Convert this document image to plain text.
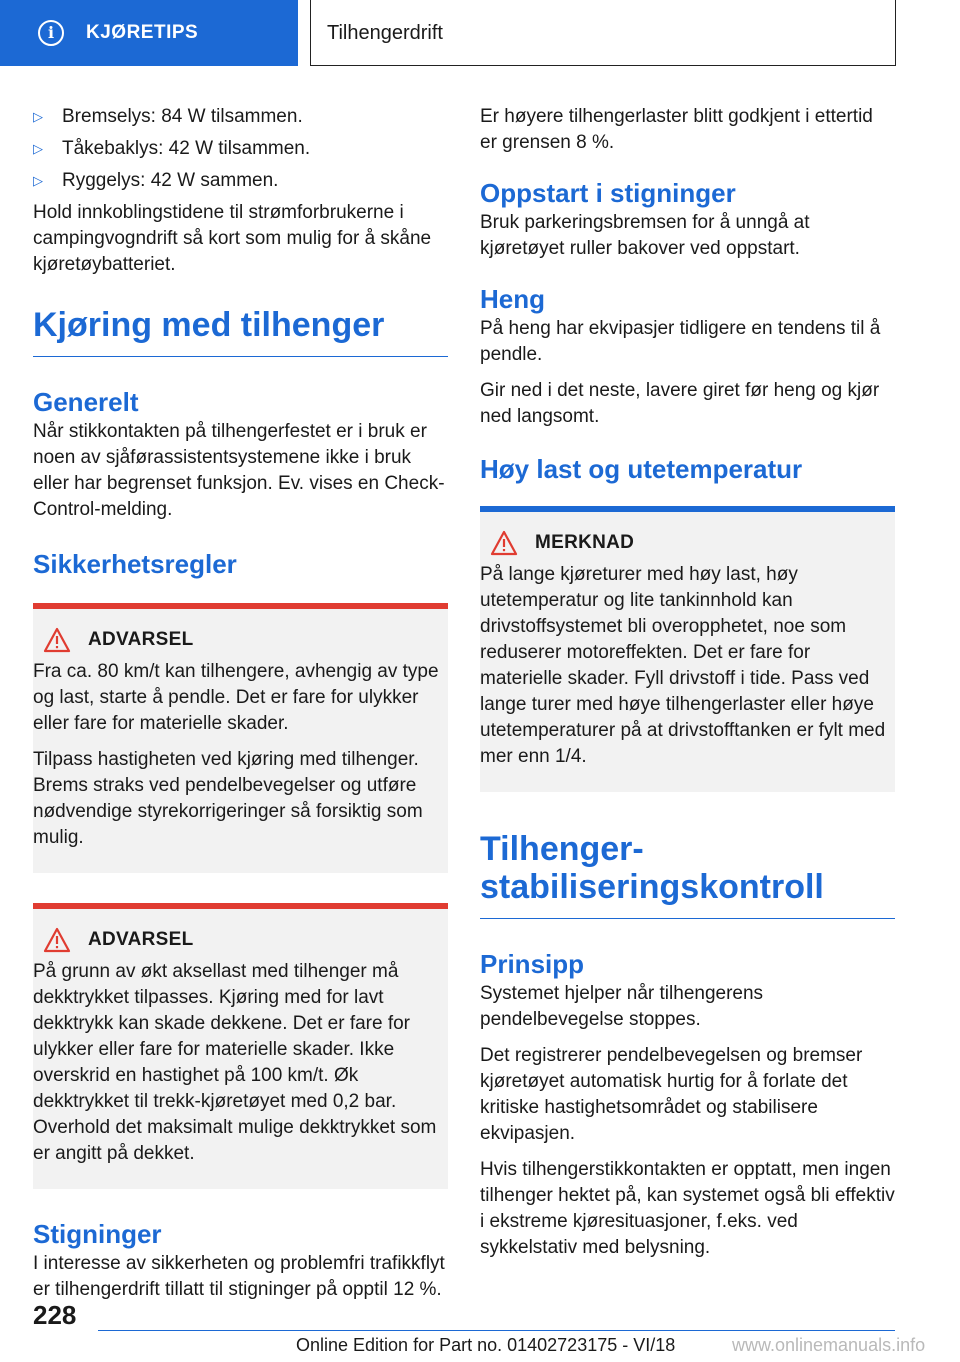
i	KJØRETIPS	Tilhengerdrift
▷ Bremselys: 84 W tilsammen.
▷ Tåkebaklys: 42 W tilsammen.
▷ Ryggelys: 42 W sammen.

Hold innkoblingstidene til strømforbrukerne i campingvogndrift så kort som mulig for å skåne kjøretøybatteriet.

Kjøring med tilhenger
Generelt

Når stikkontakten på tilhengerfestet er i bruk er noen av sjåførassistentsystemene ikke i bruk eller har begrenset funksjon. Ev. vises en Check-Control-melding.

Sikkerhetsregler
ADVARSEL

Fra ca. 80 km/t kan tilhengere, avhengig av type og last, starte å pendle. Det er fare for ulykker eller fare for materielle skader.

Tilpass hastigheten ved kjøring med tilhenger. Brems straks ved pendelbevegelser og utføre nødvendige styrekorrigeringer så forsiktig som mulig.

ADVARSEL

På grunn av økt aksellast med tilhenger må dekktrykket tilpasses. Kjøring med for lavt dekktrykk kan skade dekkene. Det er fare for ulykker eller fare for materielle skader. Ikke overskrid en hastighet på 100 km/t. Øk dekktrykket til trekk-kjøretøyet med 0,2 bar. Overhold det maksimalt mulige dekktrykket som er angitt på dekket.

Stigninger

I interesse av sikkerheten og problemfri trafikkflyt er tilhengerdrift tillatt til stigninger på opptil 12 %.

Er høyere tilhengerlaster blitt godkjent i ettertid er grensen 8 %.

Oppstart i stigninger

Bruk parkeringsbremsen for å unngå at kjøretøyet ruller bakover ved oppstart.

Heng

På heng har ekvipasjer tidligere en tendens til å pendle.

Gir ned i det neste, lavere giret før heng og kjør ned langsomt.

Høy last og utetemperatur
MERKNAD

På lange kjøreturer med høy last, høy utetemperatur og lite tankinnhold kan drivstoffsystemet bli overopphetet, noe som reduserer motoreffekten. Det er fare for materielle skader. Fyll drivstoff i tide. Pass ved lange turer med høye tilhengerlaster eller høye utetemperaturer på at drivstofftanken er fylt med mer enn 1/4.

Tilhenger-stabiliseringskontroll
Prinsipp

Systemet hjelper når tilhengerens pendelbevegelse stoppes.

Det registrerer pendelbevegelsen og bremser kjøretøyet automatisk hurtig for å forlate det kritiske hastighetsområdet og stabilisere ekvipasjen.

Hvis tilhengerstikkontakten er opptatt, men ingen tilhenger hektet på, kan systemet også bli effektiv i ekstreme kjøresituasjoner, f.eks. ved sykkelstativ med belysning.

228
Online Edition for Part no. 01402723175 - VI/18	www.onlinemanuals.info
